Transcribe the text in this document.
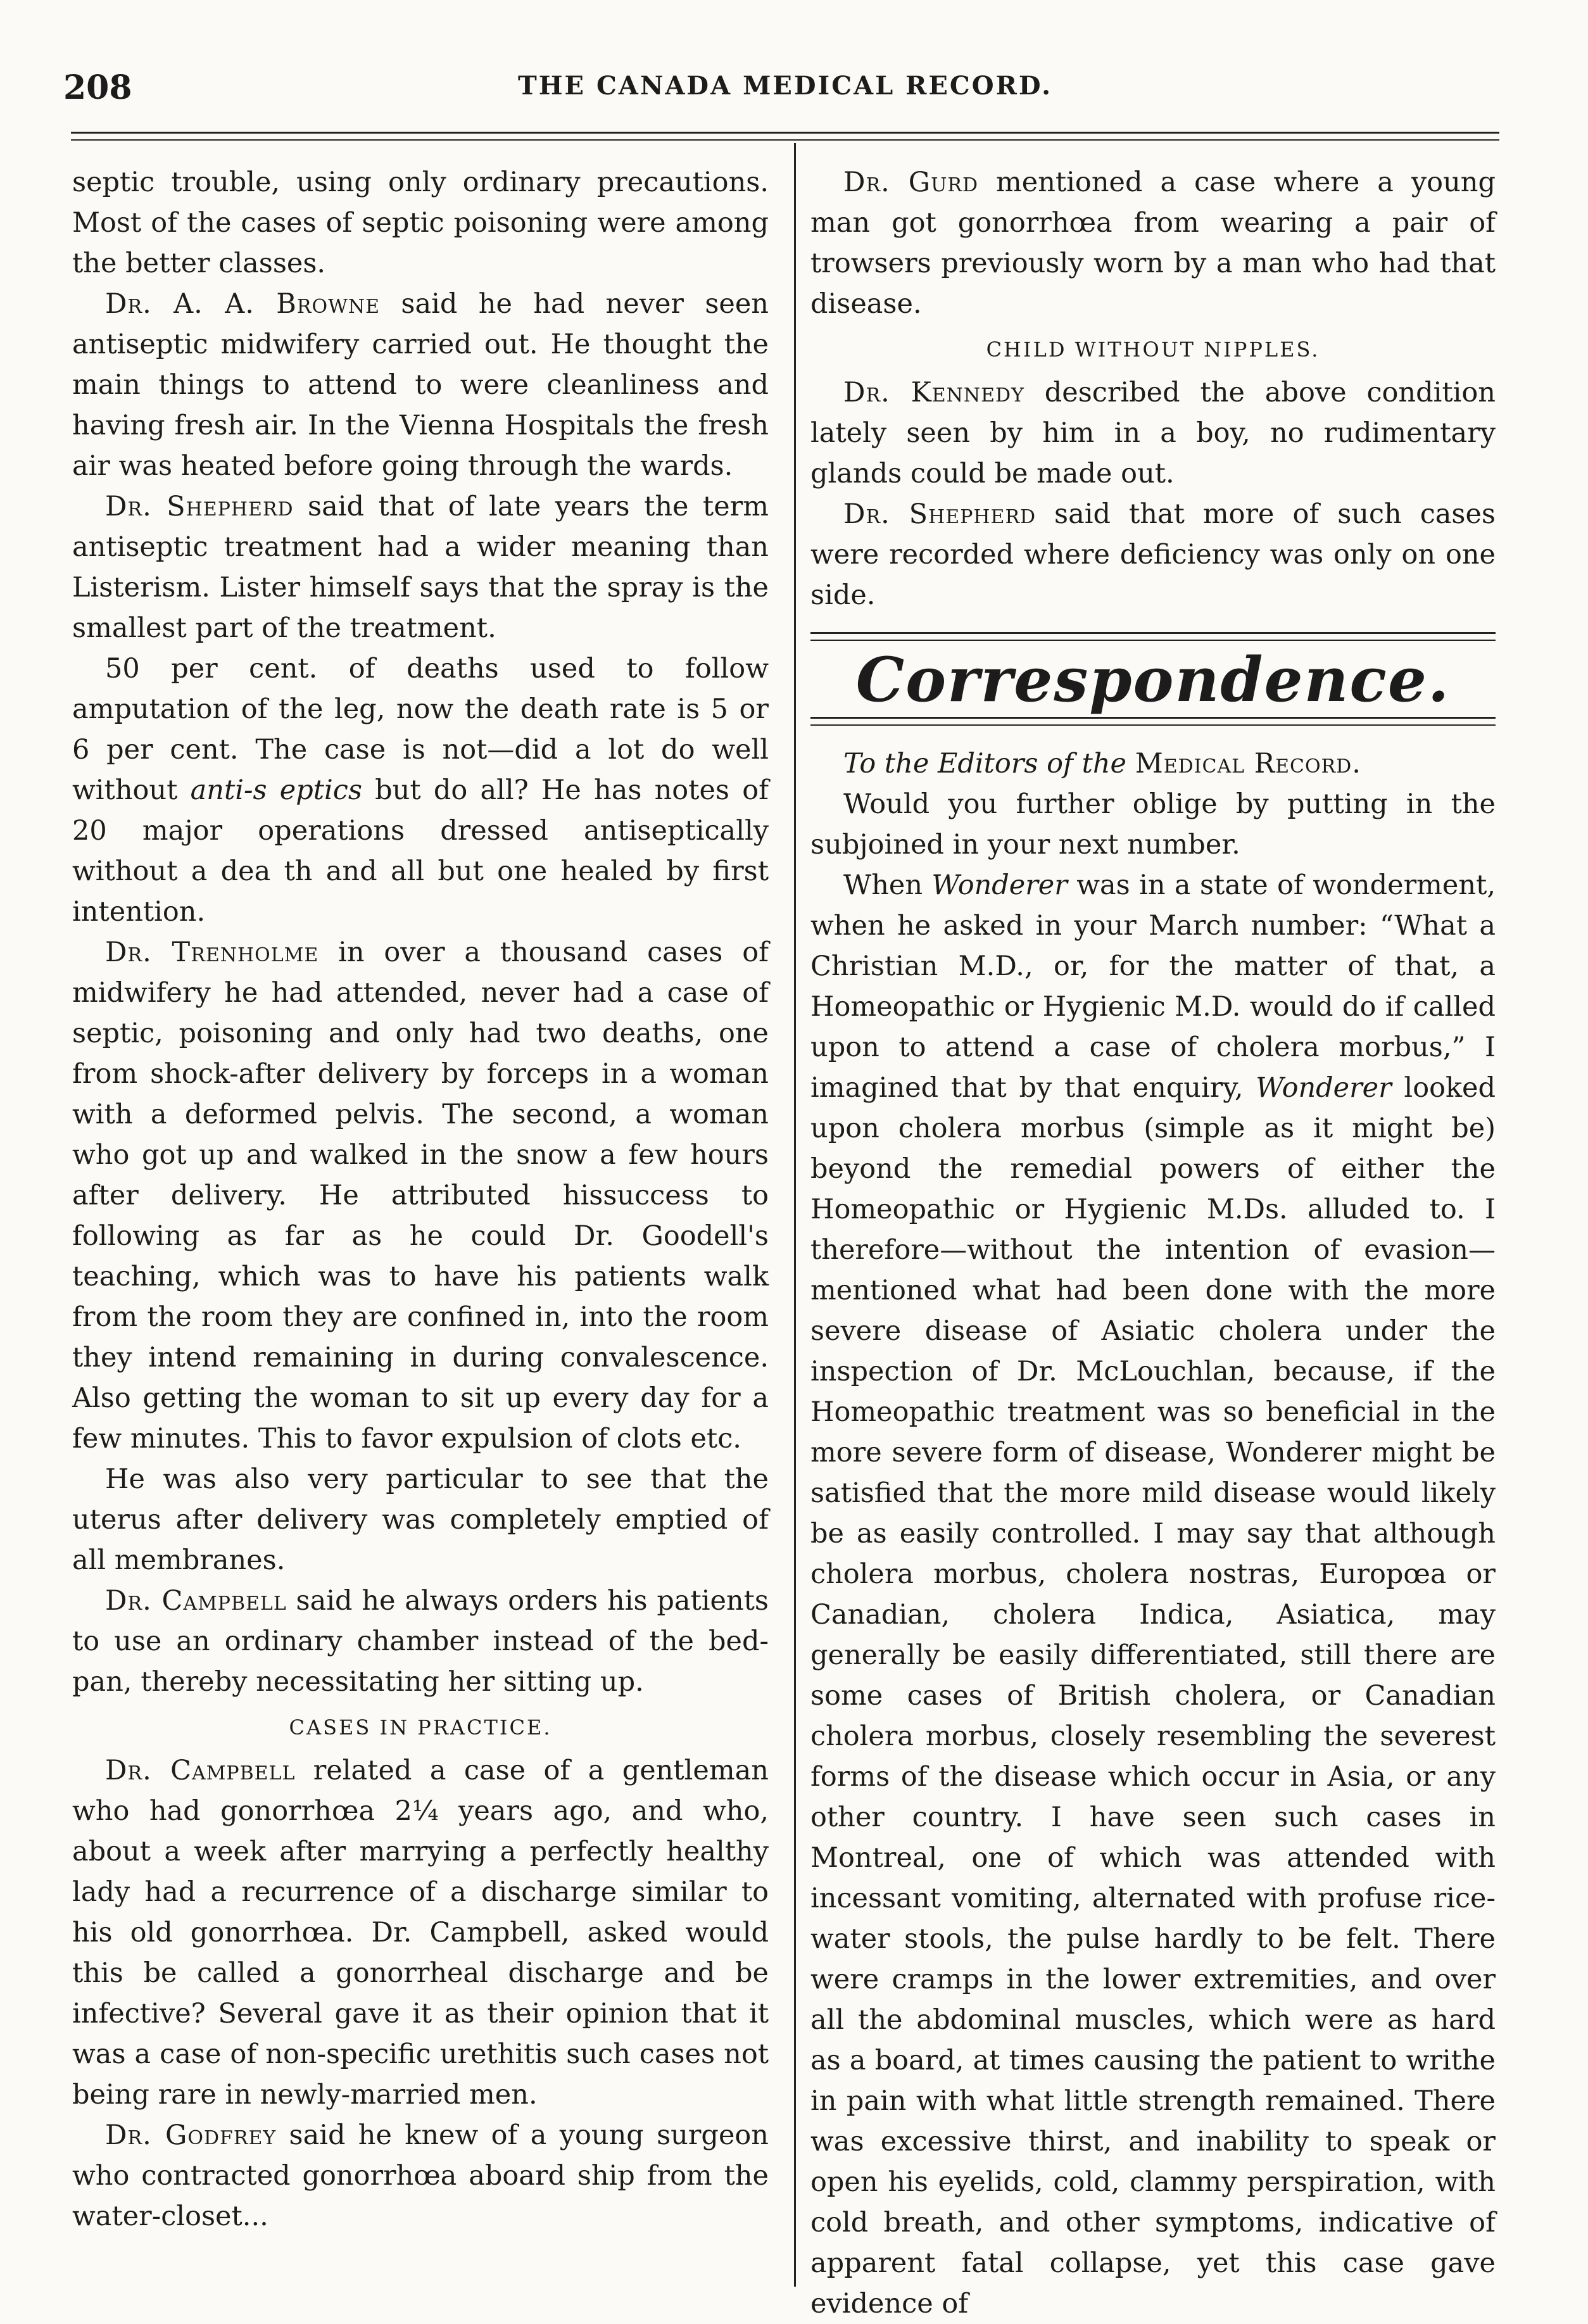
208	THE CANADA MEDICAL RECORD.

septic trouble, using only ordinary precautions. Most of the cases of septic poisoning were among the better classes.

Dr. A. A. Browne said he had never seen antiseptic midwifery carried out. He thought the main things to attend to were cleanliness and having fresh air. In the Vienna Hospitals the fresh air was heated before going through the wards.

Dr. Shepherd said that of late years the term antiseptic treatment had a wider meaning than Listerism. Lister himself says that the spray is the smallest part of the treatment.

50 per cent. of deaths used to follow amputation of the leg, now the death rate is 5 or 6 per cent. The case is not—did a lot do well without anti-s eptics but do all? He has notes of 20 major operations dressed antiseptically without a dea th and all but one healed by first intention.

Dr. Trenholme in over a thousand cases of midwifery he had attended, never had a case of septic, poisoning and only had two deaths, one from shock-after delivery by forceps in a woman with a deformed pelvis. The second, a woman who got up and walked in the snow a few hours after delivery. He attributed hissuccess to following as far as he could Dr. Goodell's teaching, which was to have his patients walk from the room they are confined in, into the room they intend remaining in during convalescence. Also getting the woman to sit up every day for a few minutes. This to favor expulsion of clots etc.

He was also very particular to see that the uterus after delivery was completely emptied of all membranes.

Dr. Campbell said he always orders his patients to use an ordinary chamber instead of the bed-pan, thereby necessitating her sitting up.

CASES IN PRACTICE.

Dr. Campbell related a case of a gentleman who had gonorrhœa 2¼ years ago, and who, about a week after marrying a perfectly healthy lady had a recurrence of a discharge similar to his old gonorrhœa. Dr. Campbell, asked would this be called a gonorrheal discharge and be infective? Several gave it as their opinion that it was a case of non-specific urethitis such cases not being rare in newly-married men.

Dr. Godfrey said he knew of a young surgeon who contracted gonorrhœa aboard ship from the water-closet...

Dr. Gurd mentioned a case where a young man got gonorrhœa from wearing a pair of trowsers previously worn by a man who had that disease.

CHILD WITHOUT NIPPLES.

Dr. Kennedy described the above condition lately seen by him in a boy, no rudimentary glands could be made out.

Dr. Shepherd said that more of such cases were recorded where deficiency was only on one side.

Correspondence.

To the Editors of the Medical Record.

Would you further oblige by putting in the subjoined in your next number.

When Wonderer was in a state of wonderment, when he asked in your March number: “What a Christian M.D., or, for the matter of that, a Homeopathic or Hygienic M.D. would do if called upon to attend a case of cholera morbus,” I imagined that by that enquiry, Wonderer looked upon cholera morbus (simple as it might be) beyond the remedial powers of either the Homeopathic or Hygienic M.Ds. alluded to. I therefore—without the intention of evasion—mentioned what had been done with the more severe disease of Asiatic cholera under the inspection of Dr. McLouchlan, because, if the Homeopathic treatment was so beneficial in the more severe form of disease, Wonderer might be satisfied that the more mild disease would likely be as easily controlled. I may say that although cholera morbus, cholera nostras, Europœa or Canadian, cholera Indica, Asiatica, may generally be easily differentiated, still there are some cases of British cholera, or Canadian cholera morbus, closely resembling the severest forms of the disease which occur in Asia, or any other country. I have seen such cases in Montreal, one of which was attended with incessant vomiting, alternated with profuse rice-water stools, the pulse hardly to be felt. There were cramps in the lower extremities, and over all the abdominal muscles, which were as hard as a board, at times causing the patient to writhe in pain with what little strength remained. There was excessive thirst, and inability to speak or open his eyelids, cold, clammy perspiration, with cold breath, and other symptoms, indicative of apparent fatal collapse, yet this case gave evidence of
